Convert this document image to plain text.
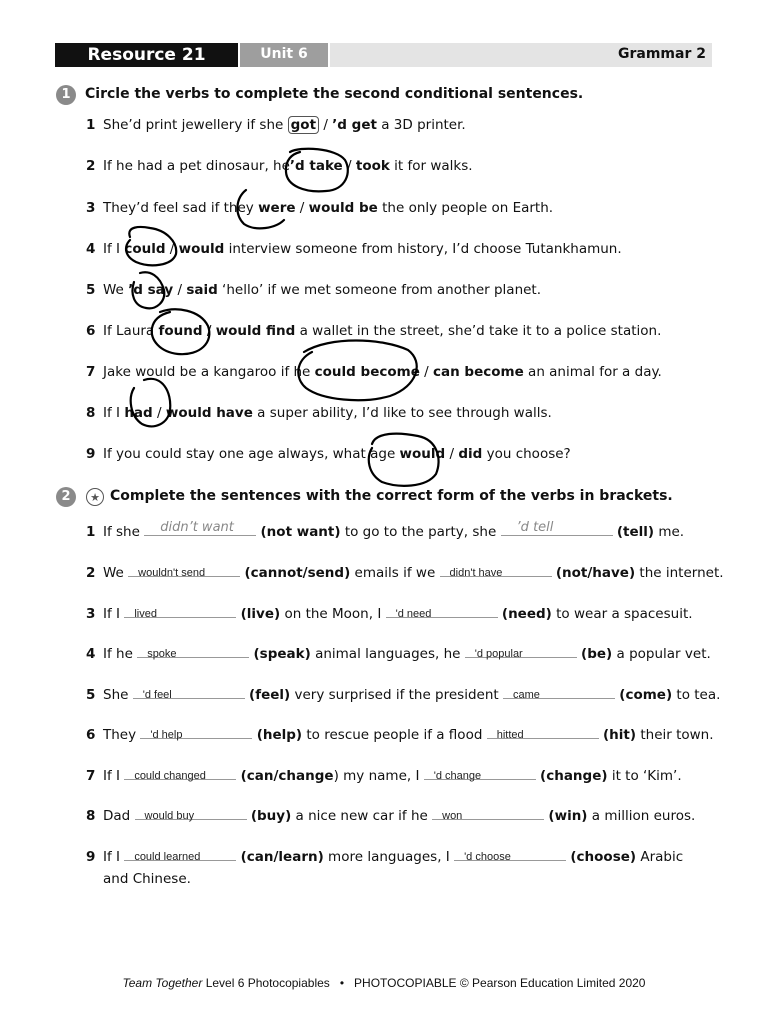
Resource 21	Unit 6	Grammar 2
1	Circle the verbs to complete the second conditional sentences.
1 She’d print jewellery if she got / ’d get a 3D printer.
2 If he had a pet dinosaur, he’d take / took it for walks.
3 They’d feel sad if they were / would be the only people on Earth.
4 If I could / would interview someone from history, I’d choose Tutankhamun.
5 We ’d say / said ‘hello’ if we met someone from another planet.
6 If Laura found / would find a wallet in the street, she’d take it to a police station.
7 Jake would be a kangaroo if he could become / can become an animal for a day.
8 If I had / would have a super ability, I’d like to see through walls.
9 If you could stay one age always, what age would / did you choose?
2	★ Complete the sentences with the correct form of the verbs in brackets.
1 If she didn’t want (not want) to go to the party, she ’d tell	(tell) me.
2 We wouldn't send	(cannot/send) emails if we didn't have	(not/have) the internet.
3 If I lived	(live) on the Moon, I 'd need	(need) to wear a spacesuit.
4 If he spoke	(speak) animal languages, he 'd popular	(be) a popular vet.
5 She 'd feel	(feel) very surprised if the president came	(come) to tea.
6 They 'd help	(help) to rescue people if a flood hitted	(hit) their town.
7 If I could changed	(can/change) my name, I 'd change	(change) it to ‘Kim’.
8 Dad would buy	(buy) a nice new car if he won	(win) a million euros.
9 If I could learned	(can/learn) more languages, I 'd choose	(choose) Arabic
and Chinese.
Team Together Level 6 Photocopiables • PHOTOCOPIABLE © Pearson Education Limited 2020
